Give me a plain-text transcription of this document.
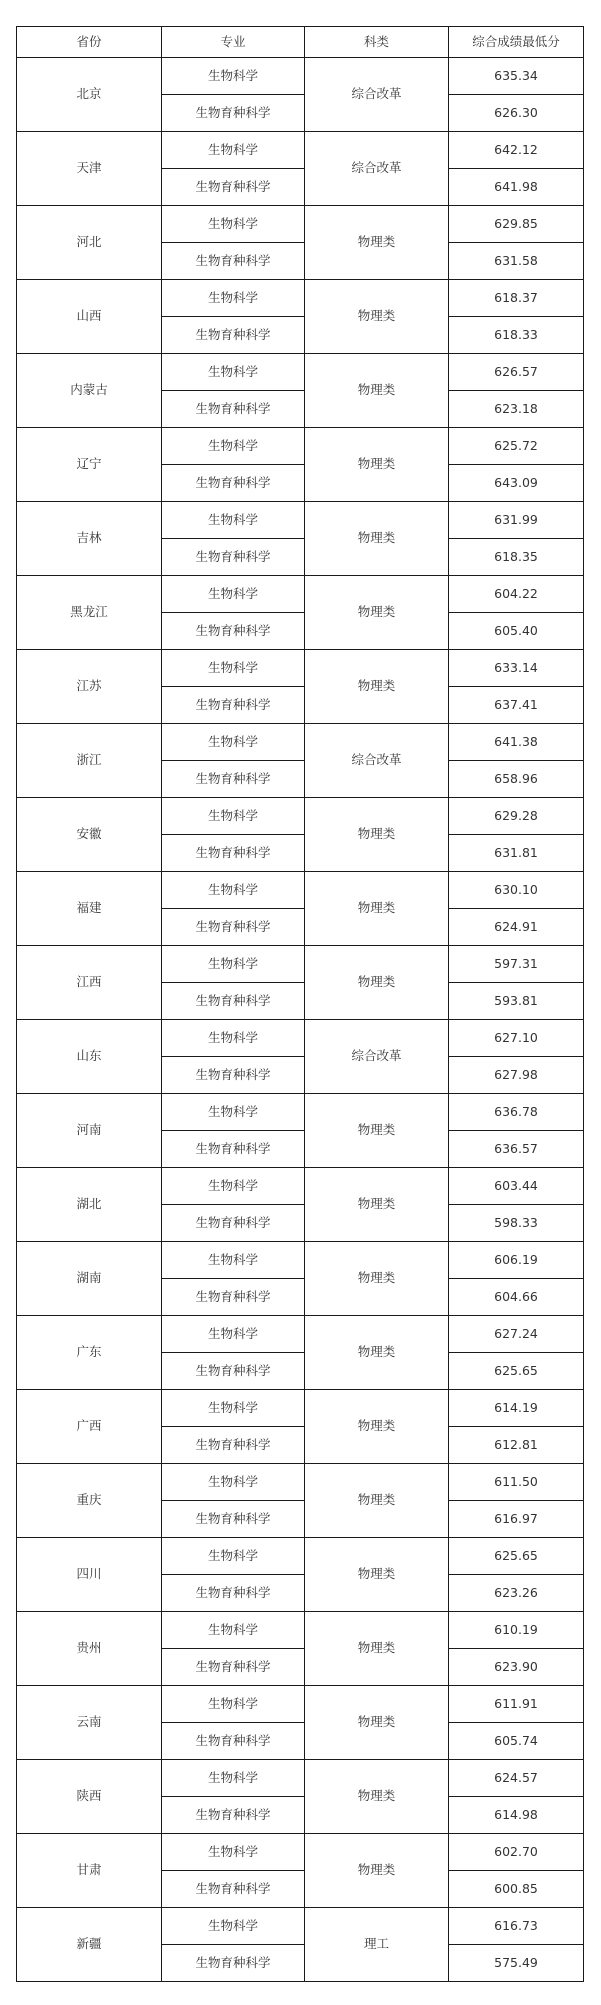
省份	专业	科类	综合成绩最低分
北京	生物科学	综合改革	635.34
	生物育种科学		626.30
天津	生物科学	综合改革	642.12
	生物育种科学		641.98
河北	生物科学	物理类	629.85
	生物育种科学		631.58
山西	生物科学	物理类	618.37
	生物育种科学		618.33
内蒙古	生物科学	物理类	626.57
	生物育种科学		623.18
辽宁	生物科学	物理类	625.72
	生物育种科学		643.09
吉林	生物科学	物理类	631.99
	生物育种科学		618.35
黑龙江	生物科学	物理类	604.22
	生物育种科学		605.40
江苏	生物科学	物理类	633.14
	生物育种科学		637.41
浙江	生物科学	综合改革	641.38
	生物育种科学		658.96
安徽	生物科学	物理类	629.28
	生物育种科学		631.81
福建	生物科学	物理类	630.10
	生物育种科学		624.91
江西	生物科学	物理类	597.31
	生物育种科学		593.81
山东	生物科学	综合改革	627.10
	生物育种科学		627.98
河南	生物科学	物理类	636.78
	生物育种科学		636.57
湖北	生物科学	物理类	603.44
	生物育种科学		598.33
湖南	生物科学	物理类	606.19
	生物育种科学		604.66
广东	生物科学	物理类	627.24
	生物育种科学		625.65
广西	生物科学	物理类	614.19
	生物育种科学		612.81
重庆	生物科学	物理类	611.50
	生物育种科学		616.97
四川	生物科学	物理类	625.65
	生物育种科学		623.26
贵州	生物科学	物理类	610.19
	生物育种科学		623.90
云南	生物科学	物理类	611.91
	生物育种科学		605.74
陕西	生物科学	物理类	624.57
	生物育种科学		614.98
甘肃	生物科学	物理类	602.70
	生物育种科学		600.85
新疆	生物科学	理工	616.73
	生物育种科学		575.49
